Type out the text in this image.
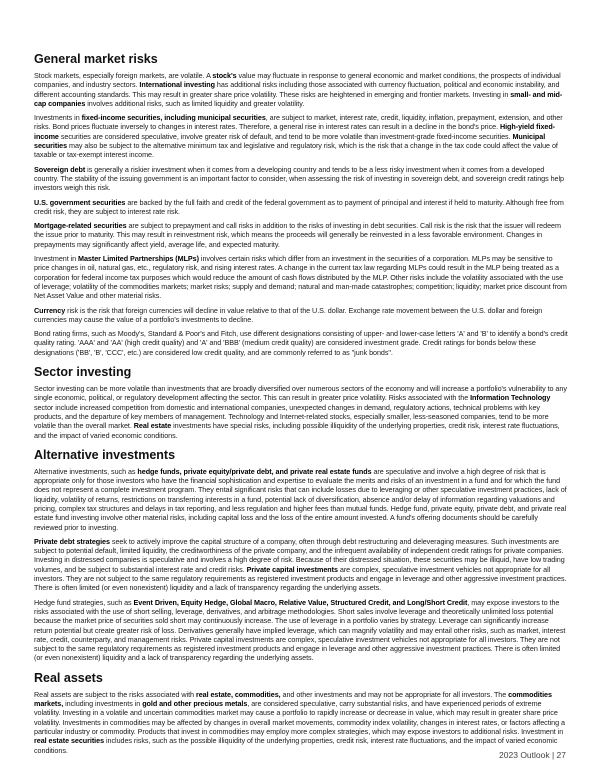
General market risks

Stock markets, especially foreign markets, are volatile. A stock's value may fluctuate in response to general economic and market conditions, the prospects of individual companies, and industry sectors. International investing has additional risks including those associated with currency fluctuation, political and economic instability, and different accounting standards. This may result in greater share price volatility. These risks are heightened in emerging and frontier markets. Investing in small- and mid-cap companies involves additional risks, such as limited liquidity and greater volatility.

Investments in fixed-income securities, including municipal securities, are subject to market, interest rate, credit, liquidity, inflation, prepayment, extension, and other risks. Bond prices fluctuate inversely to changes in interest rates. Therefore, a general rise in interest rates can result in a decline in the bond's price. High-yield fixed-income securities are considered speculative, involve greater risk of default, and tend to be more volatile than investment-grade fixed-income securities. Municipal securities may also be subject to the alternative minimum tax and legislative and regulatory risk, which is the risk that a change in the tax code could affect the value of taxable or tax-exempt interest income.

Sovereign debt is generally a riskier investment when it comes from a developing country and tends to be a less risky investment when it comes from a developed country. The stability of the issuing government is an important factor to consider, when assessing the risk of investing in sovereign debt, and sovereign credit ratings help investors weigh this risk.

U.S. government securities are backed by the full faith and credit of the federal government as to payment of principal and interest if held to maturity. Although free from credit risk, they are subject to interest rate risk.

Mortgage-related securities are subject to prepayment and call risks in addition to the risks of investing in debt securities. Call risk is the risk that the issuer will redeem the issue prior to maturity. This may result in reinvestment risk, which means the proceeds will generally be reinvested in a less favorable environment. Changes in prepayments may significantly affect yield, average life, and expected maturity.

Investment in Master Limited Partnerships (MLPs) involves certain risks which differ from an investment in the securities of a corporation. MLPs may be sensitive to price changes in oil, natural gas, etc., regulatory risk, and rising interest rates. A change in the current tax law regarding MLPs could result in the MLP being treated as a corporation for federal income tax purposes which would reduce the amount of cash flows distributed by the MLP. Other risks include the volatility associated with the use of leverage; volatility of the commodities markets; market risks; supply and demand; natural and man-made catastrophes; competition; liquidity; market price discount from Net Asset Value and other material risks.

Currency risk is the risk that foreign currencies will decline in value relative to that of the U.S. dollar. Exchange rate movement between the U.S. dollar and foreign currencies may cause the value of a portfolio's investments to decline.

Bond rating firms, such as Moody's, Standard & Poor's and Fitch, use different designations consisting of upper- and lower-case letters 'A' and 'B' to identify a bond's credit quality rating. 'AAA' and 'AA' (high credit quality) and 'A' and 'BBB' (medium credit quality) are considered investment grade. Credit ratings for bonds below these designations ('BB', 'B', 'CCC', etc.) are considered low credit quality, and are commonly referred to as "junk bonds".

Sector investing

Sector investing can be more volatile than investments that are broadly diversified over numerous sectors of the economy and will increase a portfolio's vulnerability to any single economic, political, or regulatory development affecting the sector. This can result in greater price volatility. Risks associated with the Information Technology sector include increased competition from domestic and international companies, unexpected changes in demand, regulatory actions, technical problems with key products, and the departure of key members of management. Technology and Internet-related stocks, especially smaller, less-seasoned companies, tend to be more volatile than the overall market. Real estate investments have special risks, including possible illiquidity of the underlying properties, credit risk, interest rate fluctuations, and the impact of varied economic conditions.

Alternative investments

Alternative investments, such as hedge funds, private equity/private debt, and private real estate funds are speculative and involve a high degree of risk that is appropriate only for those investors who have the financial sophistication and expertise to evaluate the merits and risks of an investment in a fund and for which the fund does not represent a complete investment program. They entail significant risks that can include losses due to leveraging or other speculative investment practices, lack of liquidity, volatility of returns, restrictions on transferring interests in a fund, potential lack of diversification, absence and/or delay of information regarding valuations and pricing, complex tax structures and delays in tax reporting, and less regulation and higher fees than mutual funds. Hedge fund, private equity, private debt, and private real estate fund investing involve other material risks, including capital loss and the loss of the entire amount invested. A fund's offering documents should be carefully reviewed prior to investing.

Private debt strategies seek to actively improve the capital structure of a company, often through debt restructuring and deleveraging measures. Such investments are subject to potential default, limited liquidity, the creditworthiness of the private company, and the infrequent availability of independent credit ratings for private companies. Investing in distressed companies is speculative and involves a high degree of risk. Because of their distressed situation, these securities may be illiquid, have low trading volumes, and be subject to substantial interest rate and credit risks. Private capital investments are complex, speculative investment vehicles not appropriate for all investors. They are not subject to the same regulatory requirements as registered investment products and engage in leverage and other aggressive investment practices. There is often limited (or even nonexistent) liquidity and a lack of transparency regarding the underlying assets.

Hedge fund strategies, such as Event Driven, Equity Hedge, Global Macro, Relative Value, Structured Credit, and Long/Short Credit, may expose investors to the risks associated with the use of short selling, leverage, derivatives, and arbitrage methodologies. Short sales involve leverage and theoretically unlimited loss potential because the market price of securities sold short may continuously increase. The use of leverage in a portfolio varies by strategy. Leverage can significantly increase return potential but create greater risk of loss. Derivatives generally have implied leverage, which can magnify volatility and may entail other risks, such as market, interest rate, credit, counterparty, and management risks. Private capital investments are complex, speculative investment vehicles not appropriate for all investors. They are not subject to the same regulatory requirements as registered investment products and engage in leverage and other aggressive investment practices. There is often limited (or even nonexistent) liquidity and a lack of transparency regarding the underlying assets.

Real assets

Real assets are subject to the risks associated with real estate, commodities, and other investments and may not be appropriate for all investors. The commodities markets, including investments in gold and other precious metals, are considered speculative, carry substantial risks, and have experienced periods of extreme volatility. Investing in a volatile and uncertain commodities market may cause a portfolio to rapidly increase or decrease in value, which may result in greater share price volatility. Investments in commodities may be affected by changes in overall market movements, commodity index volatility, changes in interest rates, or factors affecting a particular industry or commodity. Products that invest in commodities may employ more complex strategies, which may expose investors to additional risks. Investment in real estate securities includes risks, such as the possible illiquidity of the underlying properties, credit risk, interest rate fluctuations, and the impact of varied economic conditions.	2023 Outlook | 27
